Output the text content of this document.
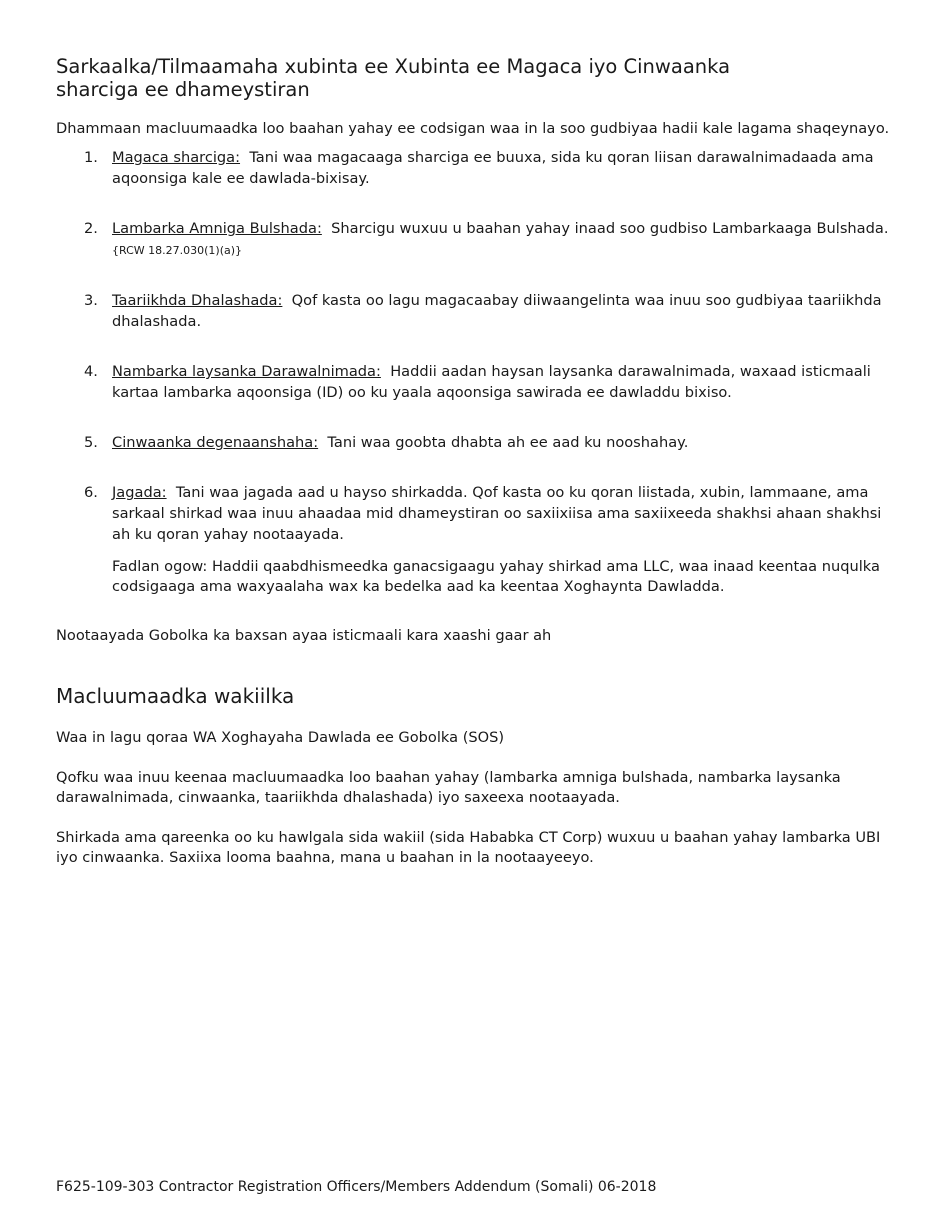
Sarkaalka/Tilmaamaha xubinta ee Xubinta ee Magaca iyo Cinwaanka sharciga ee dhameystiran

Dhammaan macluumaadka loo baahan yahay ee codsigan waa in la soo gudbiyaa hadii kale lagama shaqeynayo.

1. Magaca sharciga: Tani waa magacaaga sharciga ee buuxa, sida ku qoran liisan darawalnimadaada ama aqoonsiga kale ee dawlada-bixisay.
2. Lambarka Amniga Bulshada: Sharcigu wuxuu u baahan yahay inaad soo gudbiso Lambarkaaga Bulshada. {RCW 18.27.030(1)(a)}
3. Taariikhda Dhalashada: Qof kasta oo lagu magacaabay diiwaangelinta waa inuu soo gudbiyaa taariikhda dhalashada.
4. Nambarka laysanka Darawalnimada: Haddii aadan haysan laysanka darawalnimada, waxaad isticmaali kartaa lambarka aqoonsiga (ID) oo ku yaala aqoonsiga sawirada ee dawladdu bixiso.
5. Cinwaanka degenaanshaha: Tani waa goobta dhabta ah ee aad ku nooshahay.
6. Jagada: Tani waa jagada aad u hayso shirkadda. Qof kasta oo ku qoran liistada, xubin, lammaane, ama sarkaal shirkad waa inuu ahaadaa mid dhameystiran oo saxiixiisa ama saxiixeeda shakhsi ahaan shakhsi ah ku qoran yahay nootaayada.
Fadlan ogow: Haddii qaabdhismeedka ganacsigaagu yahay shirkad ama LLC, waa inaad keentaa nuqulka codsigaaga ama waxyaalaha wax ka bedelka aad ka keentaa Xoghaynta Dawladda.

Nootaayada Gobolka ka baxsan ayaa isticmaali kara xaashi gaar ah

Macluumaadka wakiilka

Waa in lagu qoraa WA Xoghayaha Dawlada ee Gobolka (SOS)

Qofku waa inuu keenaa macluumaadka loo baahan yahay (lambarka amniga bulshada, nambarka laysanka darawalnimada, cinwaanka, taariikhda dhalashada) iyo saxeexa nootaayada.

Shirkada ama qareenka oo ku hawlgala sida wakiil (sida Hababka CT Corp) wuxuu u baahan yahay lambarka UBI iyo cinwaanka. Saxiixa looma baahna, mana u baahan in la nootaayeeyo.

F625-109-303 Contractor Registration Officers/Members Addendum (Somali) 06-2018
